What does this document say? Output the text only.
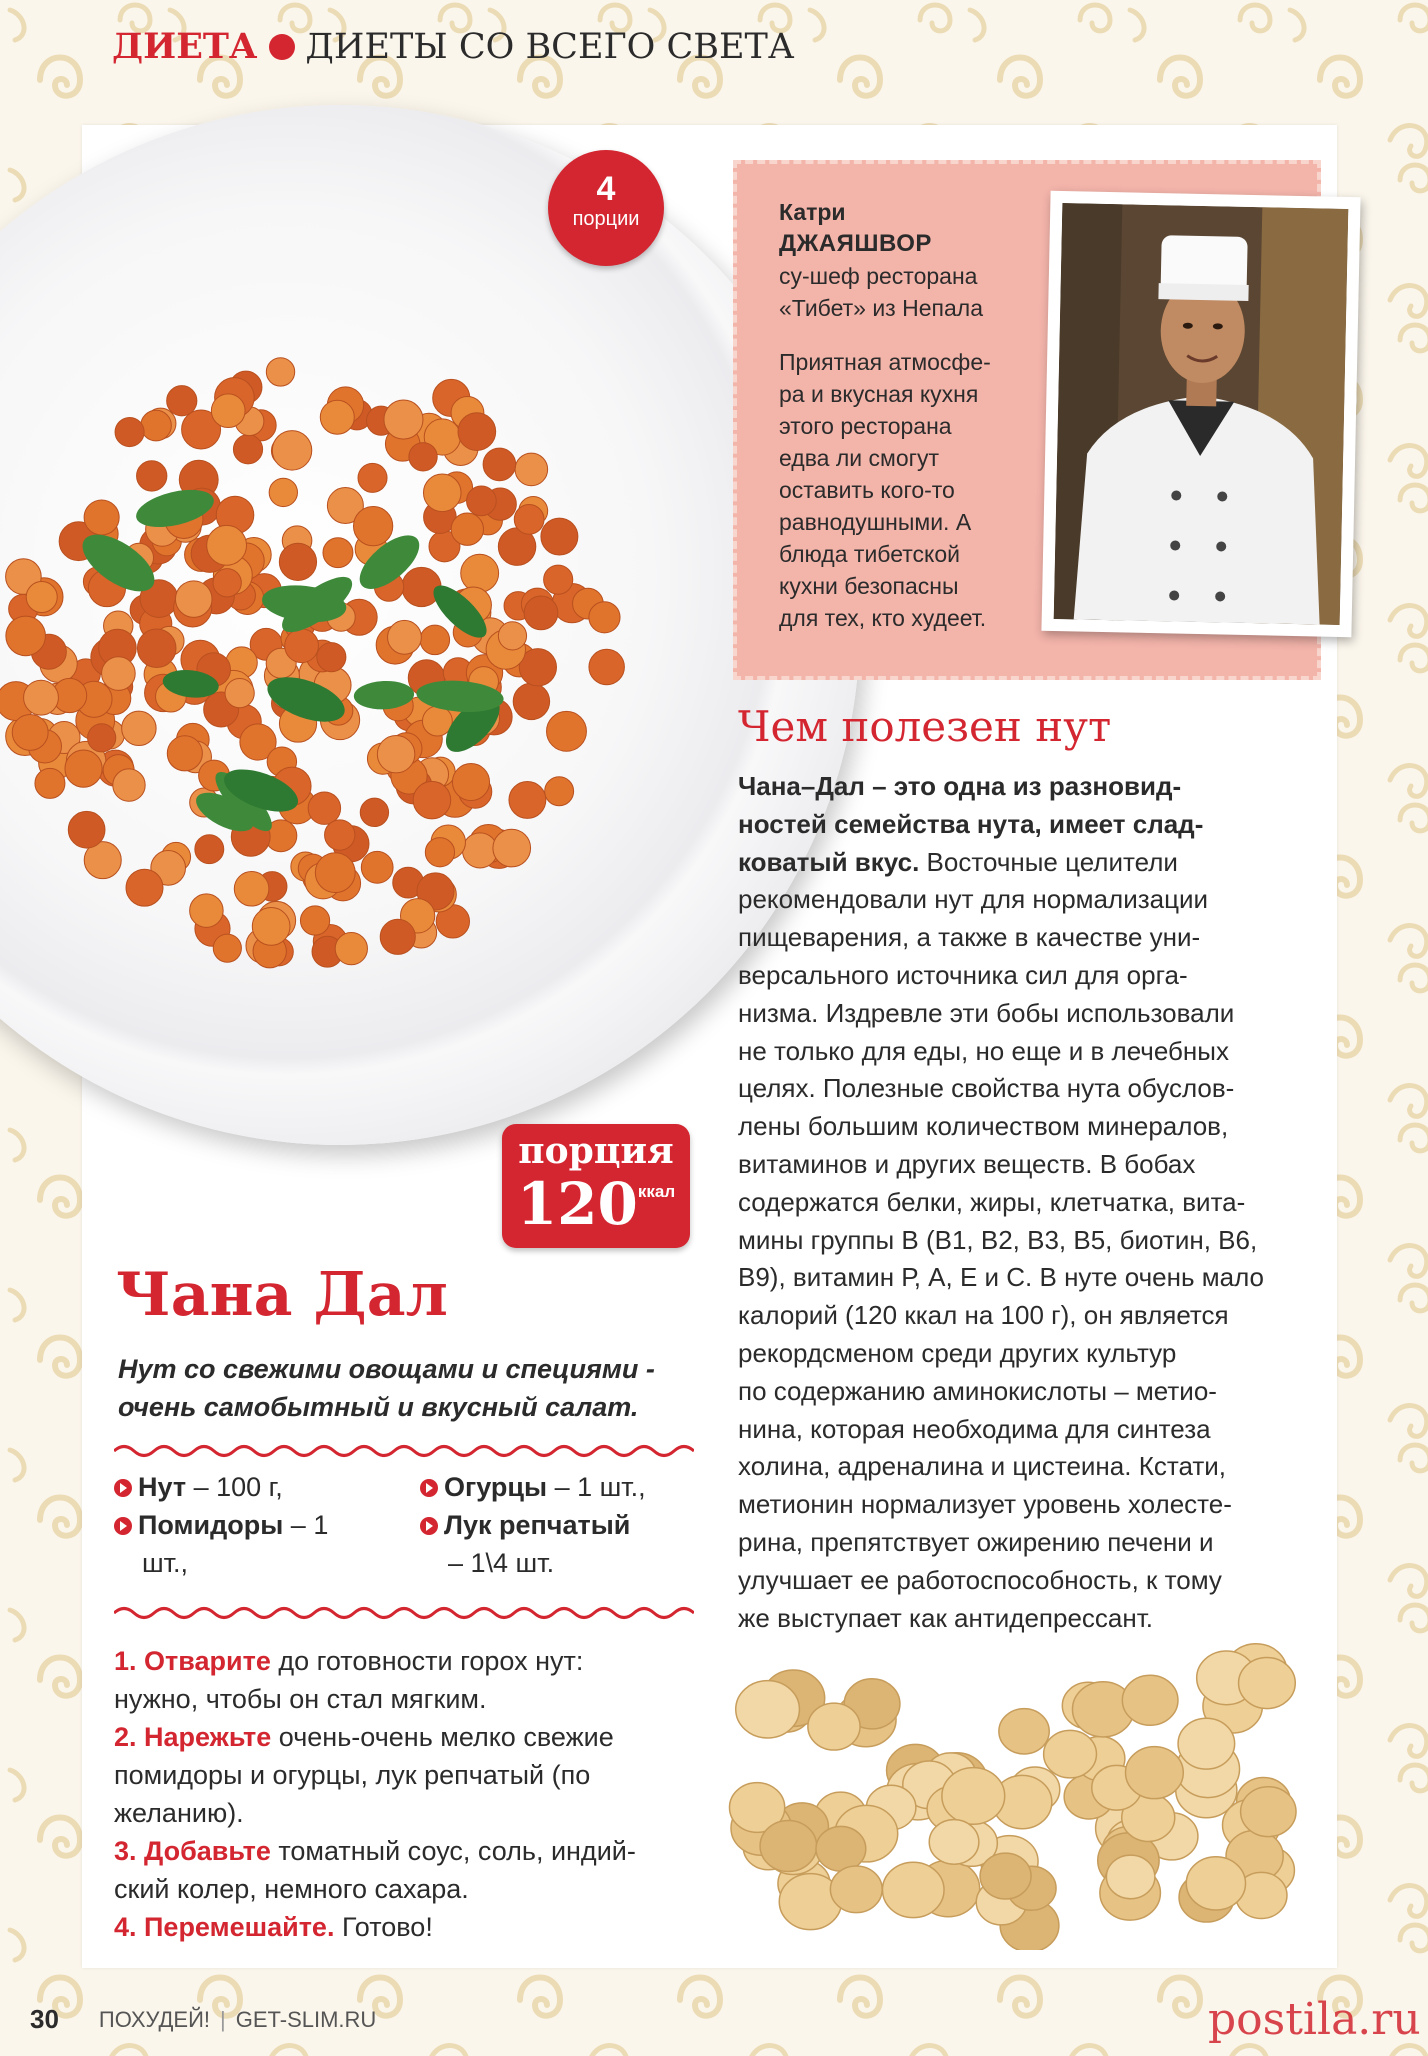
ДИЕТА ДИЕТЫ СО ВСЕГО СВЕТА
4
порции	Катри
ДЖАЯШВОР
су-шеф ресторана
«Тибет» из Непала
Приятная атмосфе-
ра и вкусная кухня
этого ресторана
едва ли смогут
оставить кого-то
равнодушными. А
блюда тибетской
кухни безопасны
для тех, кто худеет.
Чем полезен нут
Чана–Дал – это одна из разновид-
ностей семейства нута, имеет слад-
коватый вкус. Восточные целители
рекомендовали нут для нормализации
пищеварения, а также в качестве уни-
версального источника сил для орга-
низма. Издревле эти бобы использовали
не только для еды, но еще и в лечебных
целях. Полезные свойства нута обуслов-
лены большим количеством минералов,
витаминов и других веществ. В бобах
содержатся белки, жиры, клетчатка, вита-
мины группы В (В1, В2, В3, В5, биотин, В6,
В9), витамин Р, А, Е и С. В нуте очень мало
калорий (120 ккал на 100 г), он является
рекордсменом среди других культур
по содержанию аминокислоты – метио-
нина, которая необходима для синтеза
холина, адреналина и цистеина. Кстати,
метионин нормализует уровень холесте-
рина, препятствует ожирению печени и
улучшает ее работоспособность, к тому
же выступает как антидепрессант.
порция
120ккал
Чана Дал
Нут со свежими овощами и специями -
очень самобытный и вкусный салат.
Нут – 100 г,
Помидоры – 1
шт.,
Огурцы – 1 шт.,
Лук репчатый
– 1\4 шт.
1. Отварите до готовности горох нут:
нужно, чтобы он стал мягким.
2. Нарежьте очень-очень мелко свежие
помидоры и огурцы, лук репчатый (по
желанию).
3. Добавьте томатный соус, соль, индий-
ский колер, немного сахара.
4. Перемешайте. Готово!
30 ПОХУДЕЙ! | GET-SLIM.RU	postila.ru
